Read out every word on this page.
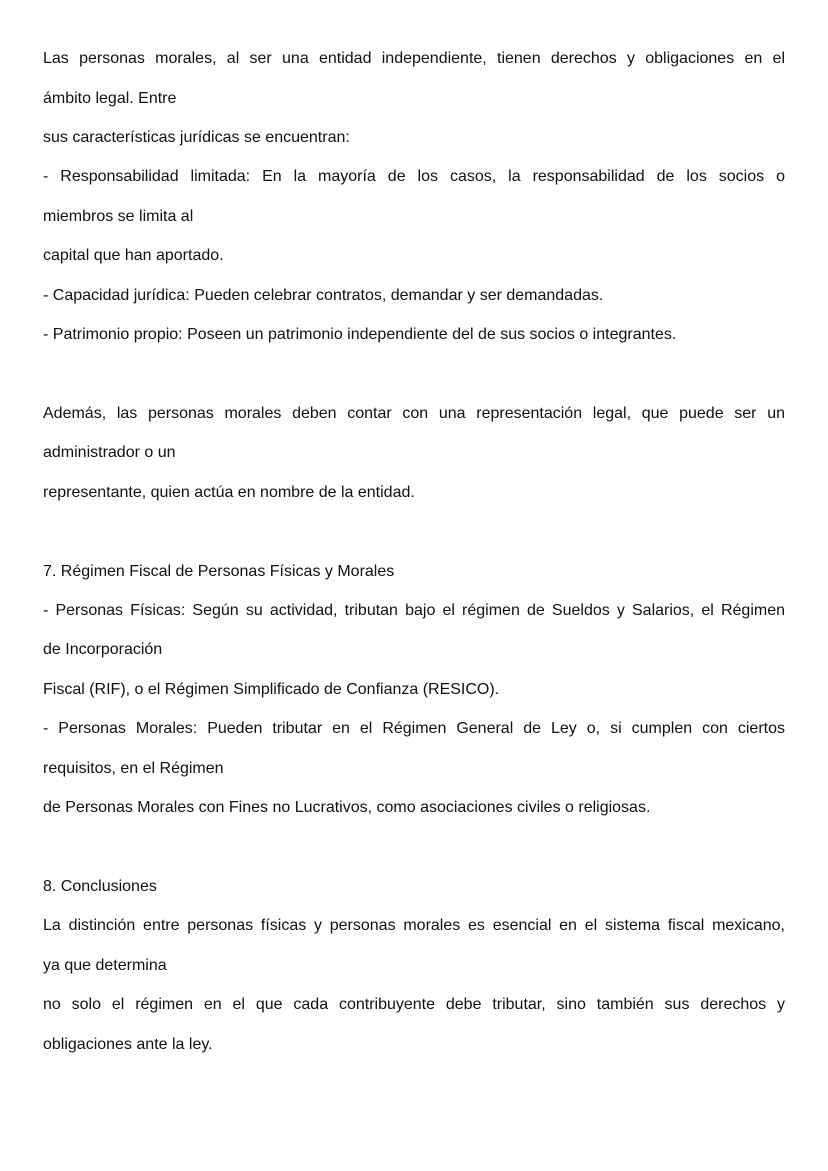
Las personas morales, al ser una entidad independiente, tienen derechos y obligaciones en el
ámbito legal. Entre
sus características jurídicas se encuentran:
- Responsabilidad limitada: En la mayoría de los casos, la responsabilidad de los socios o
miembros se limita al
capital que han aportado.
- Capacidad jurídica: Pueden celebrar contratos, demandar y ser demandadas.
- Patrimonio propio: Poseen un patrimonio independiente del de sus socios o integrantes.
Además, las personas morales deben contar con una representación legal, que puede ser un
administrador o un
representante, quien actúa en nombre de la entidad.
7. Régimen Fiscal de Personas Físicas y Morales
- Personas Físicas: Según su actividad, tributan bajo el régimen de Sueldos y Salarios, el Régimen
de Incorporación
Fiscal (RIF), o el Régimen Simplificado de Confianza (RESICO).
- Personas Morales: Pueden tributar en el Régimen General de Ley o, si cumplen con ciertos
requisitos, en el Régimen
de Personas Morales con Fines no Lucrativos, como asociaciones civiles o religiosas.
8. Conclusiones
La distinción entre personas físicas y personas morales es esencial en el sistema fiscal mexicano,
ya que determina
no solo el régimen en el que cada contribuyente debe tributar, sino también sus derechos y
obligaciones ante la ley.
